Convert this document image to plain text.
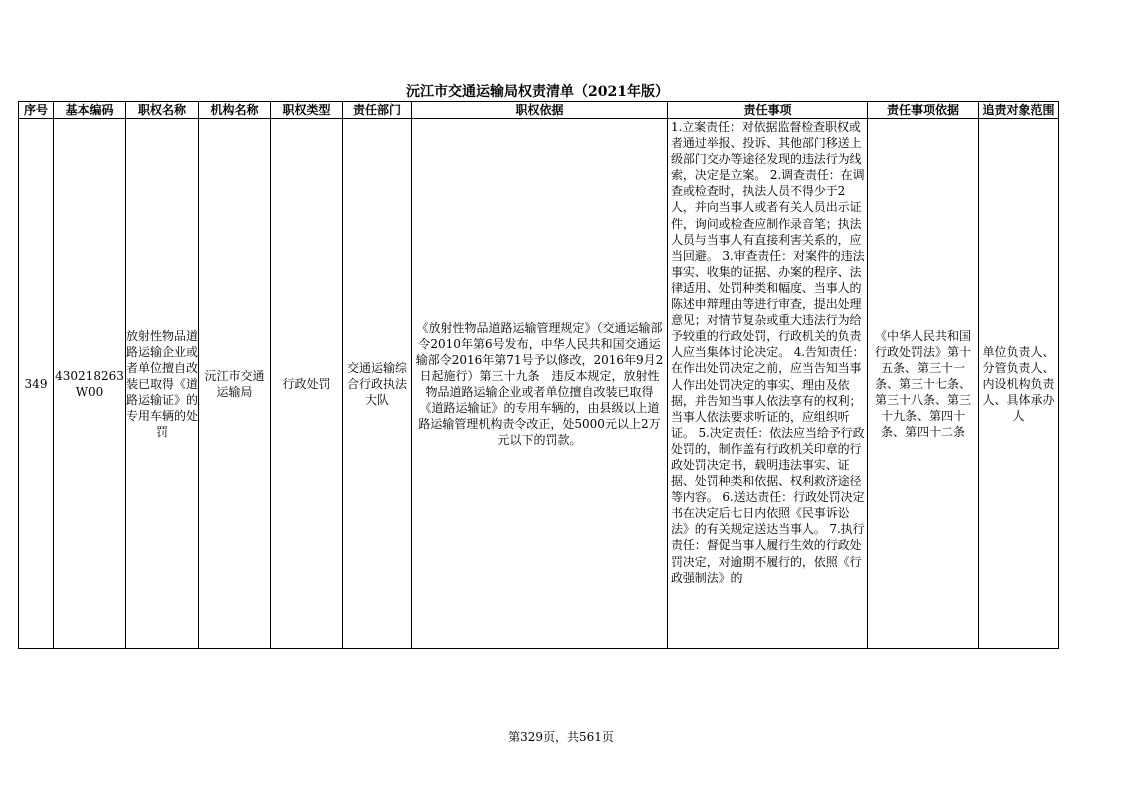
沅江市交通运输局权责清单（2021年版）
序号	基本编码	职权名称	机构名称	职权类型	责任部门	职权依据	责任事项	责任事项依据	追责对象范围
349	430218263W00	放射性物品道路运输企业或者单位擅自改装已取得《道路运输证》的专用车辆的处罚	沅江市交通运输局	行政处罚	交通运输综合行政执法大队	《放射性物品道路运输管理规定》（交通运输部令2010年第6号发布，中华人民共和国交通运输部令2016年第71号予以修改，2016年9月2日起施行）第三十九条　违反本规定，放射性物品道路运输企业或者单位擅自改装已取得《道路运输证》的专用车辆的，由县级以上道路运输管理机构责令改正，处5000元以上2万元以下的罚款。	1.立案责任：对依据监督检查职权或者通过举报、投诉、其他部门移送上级部门交办等途径发现的违法行为线索，决定是立案。 2.调查责任：在调查或检查时，执法人员不得少于2人，并向当事人或者有关人员出示证件，询问或检查应制作录音笔；执法人员与当事人有直接利害关系的，应当回避。 3.审查责任：对案件的违法事实、收集的证据、办案的程序、法律适用、处罚种类和幅度、当事人的陈述申辩理由等进行审查，提出处理意见；对情节复杂或重大违法行为给予较重的行政处罚，行政机关的负责人应当集体讨论决定。 4.告知责任：在作出处罚决定之前，应当告知当事人作出处罚决定的事实、理由及依据，并告知当事人依法享有的权利；当事人依法要求听证的，应组织听证。 5.决定责任：依法应当给予行政处罚的，制作盖有行政机关印章的行政处罚决定书，载明违法事实、证据、处罚种类和依据、权利救济途径等内容。 6.送达责任：行政处罚决定书在决定后七日内依照《民事诉讼法》的有关规定送达当事人。 7.执行责任：督促当事人履行生效的行政处罚决定，对逾期不履行的，依照《行政强制法》的	《中华人民共和国行政处罚法》第十五条、第三十一条、第三十七条、第三十八条、第三十九条、第四十条、第四十二条	单位负责人、分管负责人、内设机构负责人、具体承办人
第329页，共561页
